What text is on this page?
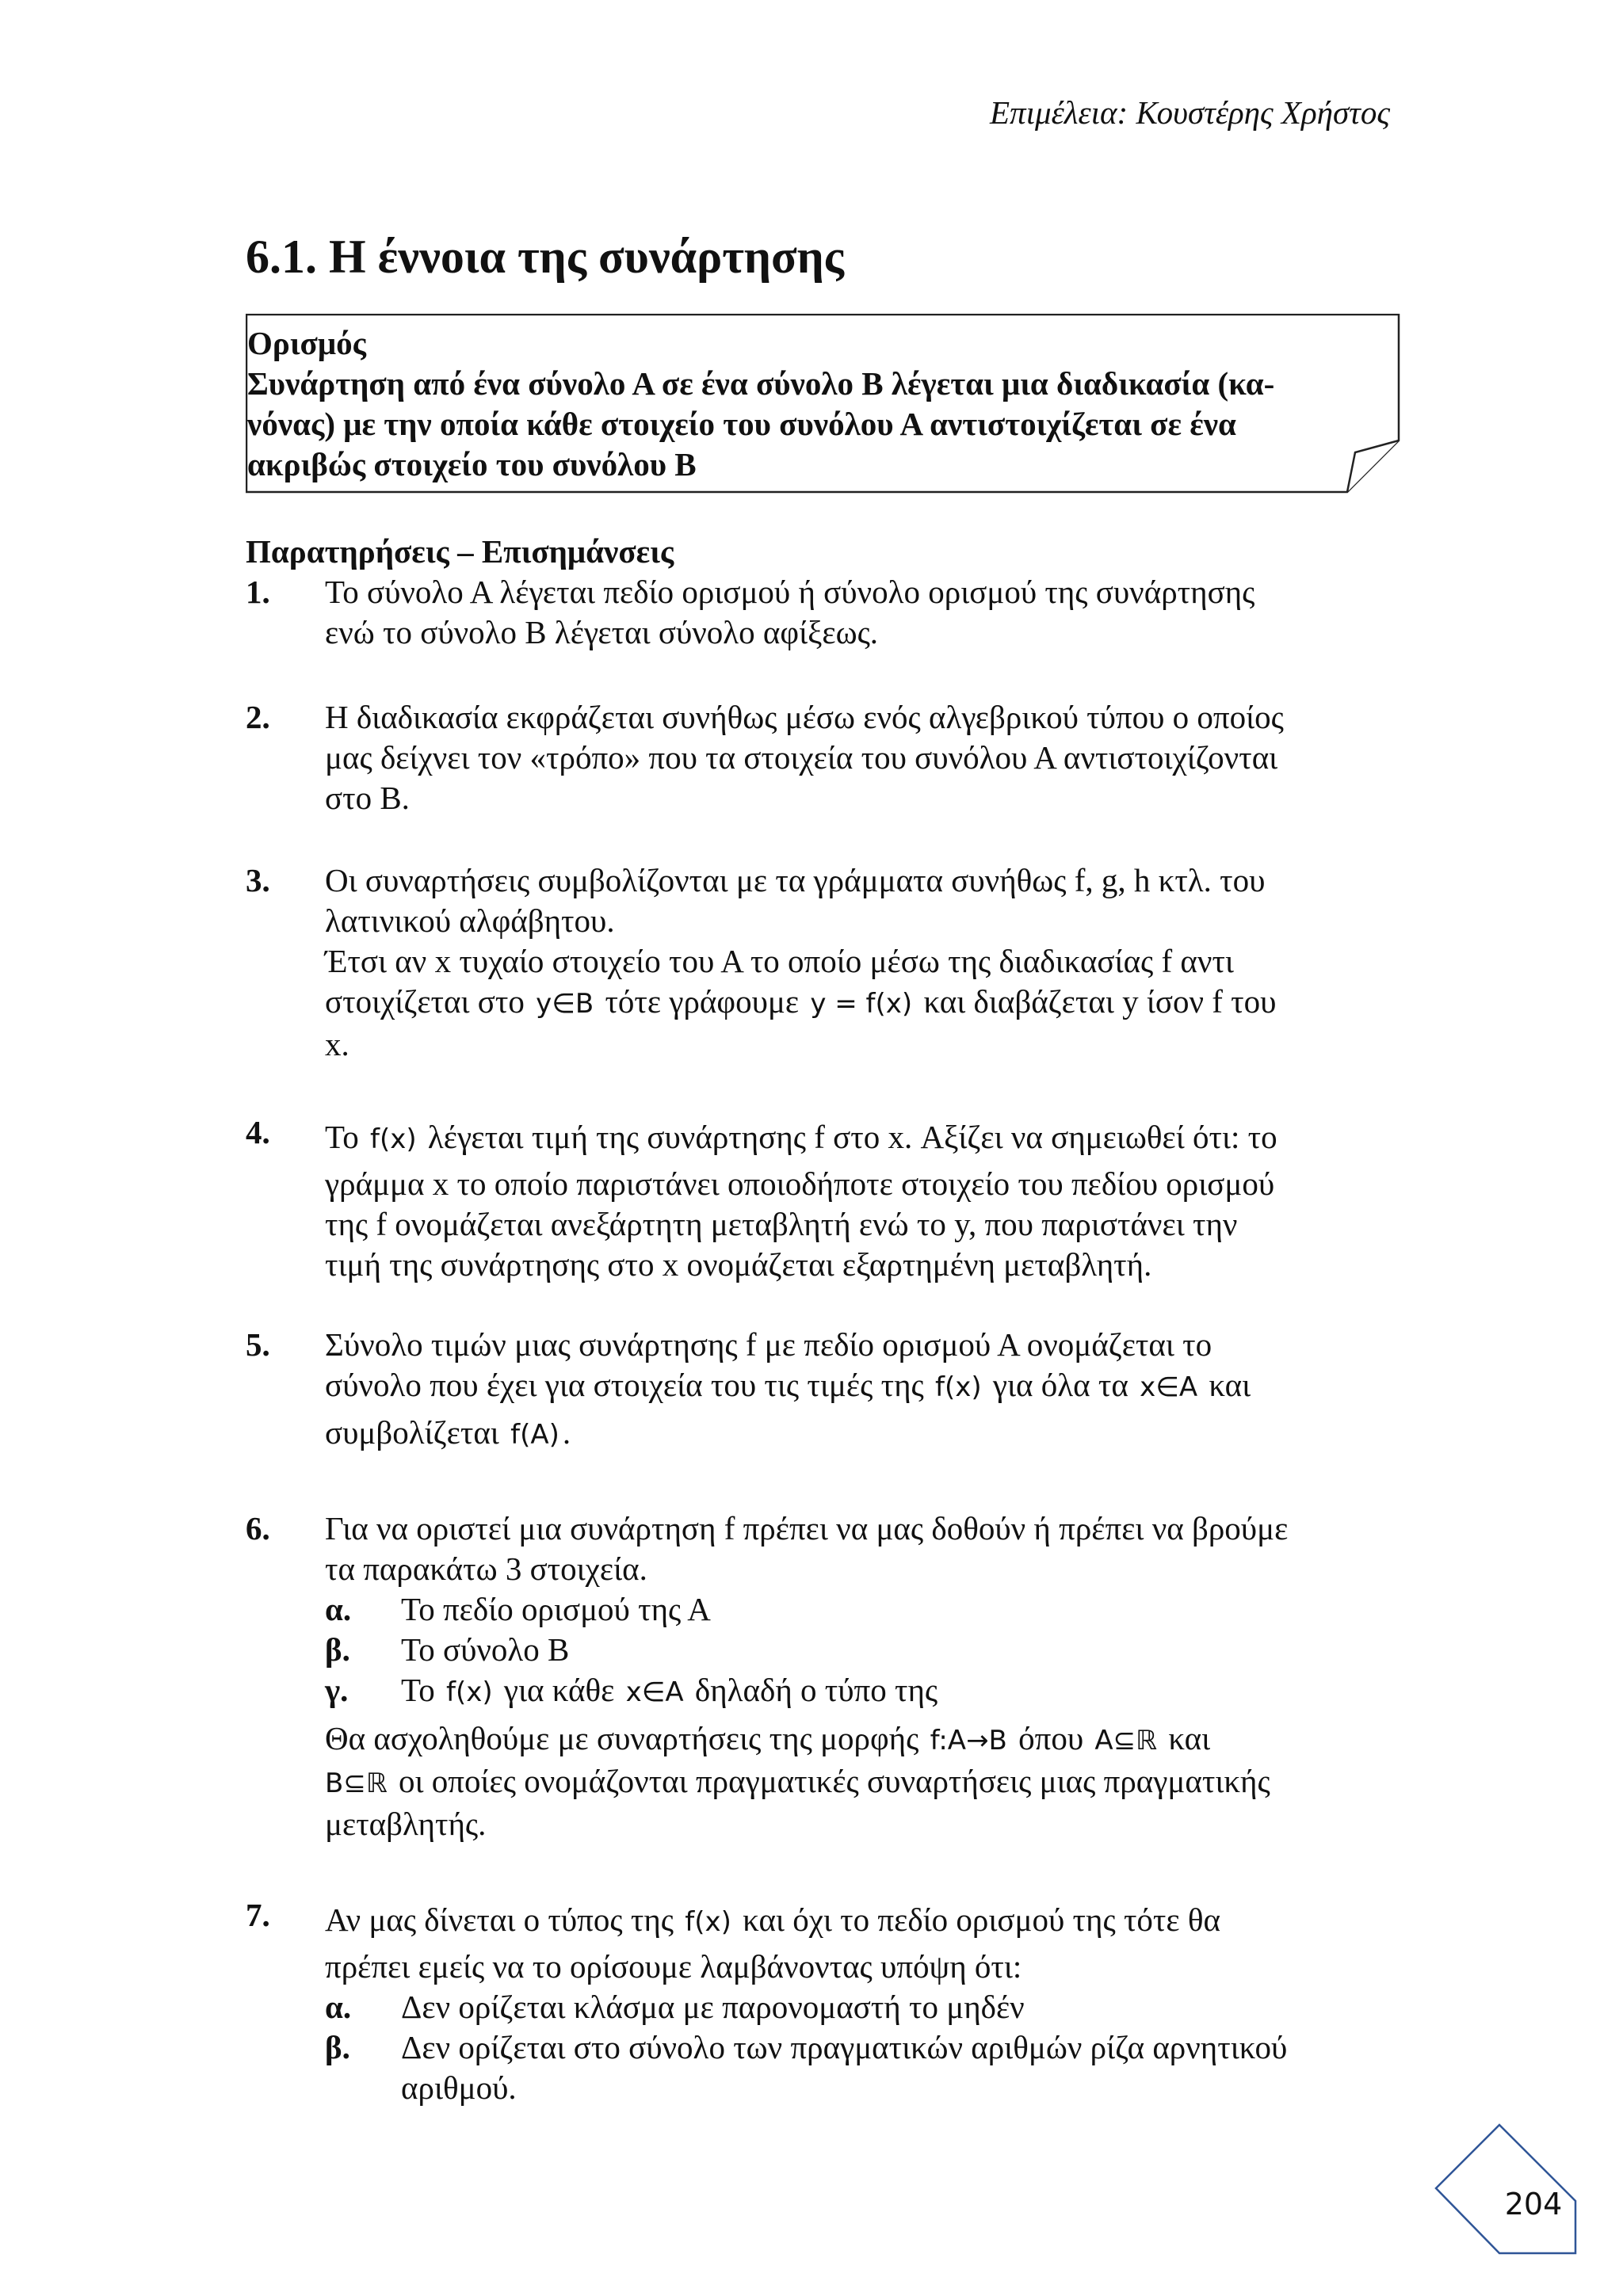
Επιμέλεια: Κουστέρης Χρήστος
6.1. Η έννοια της συνάρτησης
Ορισμός
Συνάρτηση από ένα σύνολο Α σε ένα σύνολο Β λέγεται μια διαδικασία (κα-
νόνας) με την οποία κάθε στοιχείο του συνόλου Α αντιστοιχίζεται σε ένα
ακριβώς στοιχείο του συνόλου Β
Παρατηρήσεις – Επισημάνσεις
1. Το σύνολο Α λέγεται πεδίο ορισμού ή σύνολο ορισμού της συνάρτησης
ενώ το σύνολο Β λέγεται σύνολο αφίξεως.
2. Η διαδικασία εκφράζεται συνήθως μέσω ενός αλγεβρικού τύπου ο οποίος
μας δείχνει τον «τρόπο» που τα στοιχεία του συνόλου Α αντιστοιχίζονται
στο Β.
3. Οι συναρτήσεις συμβολίζονται με τα γράμματα συνήθως f, g, h κτλ. του
λατινικού αλφάβητου.
Έτσι αν x τυχαίο στοιχείο του Α το οποίο μέσω της διαδικασίας f αντι
στοιχίζεται στο y∈B τότε γράφουμε y = f(x) και διαβάζεται y ίσον f του
x.
4. Το f(x) λέγεται τιμή της συνάρτησης f στο x. Αξίζει να σημειωθεί ότι: το
γράμμα x το οποίο παριστάνει οποιοδήποτε στοιχείο του πεδίου ορισμού
της f ονομάζεται ανεξάρτητη μεταβλητή ενώ το y, που παριστάνει την
τιμή της συνάρτησης στο x ονομάζεται εξαρτημένη μεταβλητή.
5. Σύνολο τιμών μιας συνάρτησης f με πεδίο ορισμού Α ονομάζεται το
σύνολο που έχει για στοιχεία του τις τιμές της f(x) για όλα τα x∈A και
συμβολίζεται f(A).
6. Για να οριστεί μια συνάρτηση f πρέπει να μας δοθούν ή πρέπει να βρούμε
τα παρακάτω 3 στοιχεία.
α. Το πεδίο ορισμού της Α
β. Το σύνολο Β
γ. Το f(x) για κάθε x∈A δηλαδή ο τύπο της
Θα ασχοληθούμε με συναρτήσεις της μορφής f:A→B όπου A⊆ℝ και
B⊆ℝ οι οποίες ονομάζονται πραγματικές συναρτήσεις μιας πραγματικής
μεταβλητής.
7. Αν μας δίνεται ο τύπος της f(x) και όχι το πεδίο ορισμού της τότε θα
πρέπει εμείς να το ορίσουμε λαμβάνοντας υπόψη ότι:
α. Δεν ορίζεται κλάσμα με παρονομαστή το μηδέν
β. Δεν ορίζεται στο σύνολο των πραγματικών αριθμών ρίζα αρνητικού
αριθμού.
204
